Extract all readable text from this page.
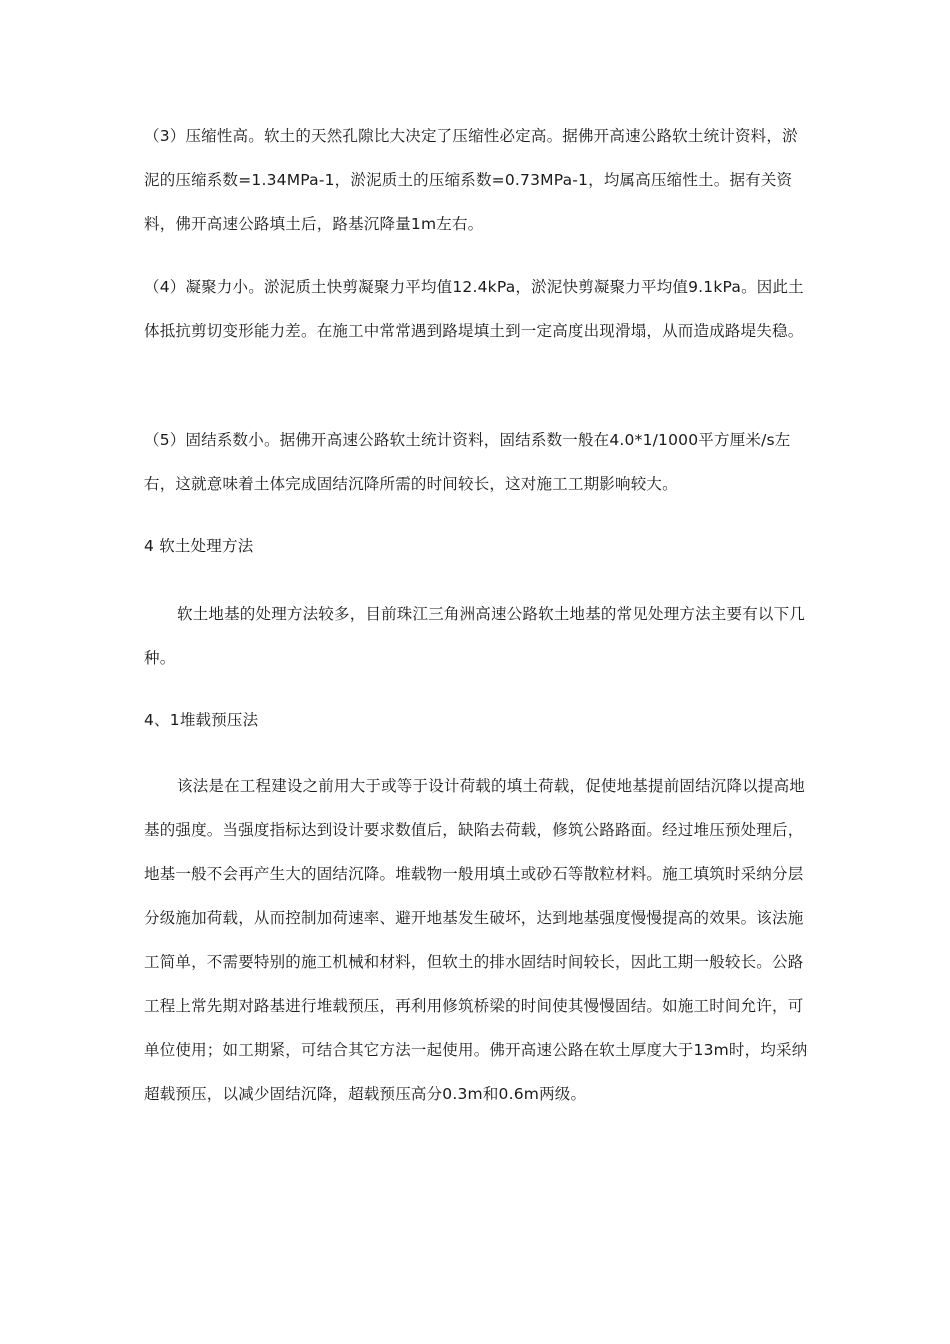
（3）压缩性高。软土的天然孔隙比大决定了压缩性必定高。据佛开高速公路软土统计资料，淤泥的压缩系数=1.34MPa-1，淤泥质土的压缩系数=0.73MPa-1，均属高压缩性土。据有关资料，佛开高速公路填土后，路基沉降量1m左右。

（4）凝聚力小。淤泥质土快剪凝聚力平均值12.4kPa，淤泥快剪凝聚力平均值9.1kPa。因此土体抵抗剪切变形能力差。在施工中常常遇到路堤填土到一定高度出现滑塌，从而造成路堤失稳。

（5）固结系数小。据佛开高速公路软土统计资料，固结系数一般在4.0*1/1000平方厘米/s左右，这就意味着土体完成固结沉降所需的时间较长，这对施工工期影响较大。

4 软土处理方法

软土地基的处理方法较多，目前珠江三角洲高速公路软土地基的常见处理方法主要有以下几种。

4、1堆载预压法

该法是在工程建设之前用大于或等于设计荷载的填土荷载，促使地基提前固结沉降以提高地基的强度。当强度指标达到设计要求数值后，缺陷去荷载，修筑公路路面。经过堆压预处理后，地基一般不会再产生大的固结沉降。堆载物一般用填土或砂石等散粒材料。施工填筑时采纳分层分级施加荷载，从而控制加荷速率、避开地基发生破坏，达到地基强度慢慢提高的效果。该法施工简单，不需要特别的施工机械和材料，但软土的排水固结时间较长，因此工期一般较长。公路工程上常先期对路基进行堆载预压，再利用修筑桥梁的时间使其慢慢固结。如施工时间允许，可单位使用；如工期紧，可结合其它方法一起使用。佛开高速公路在软土厚度大于13m时，均采纳超载预压，以减少固结沉降，超载预压高分0.3m和0.6m两级。
